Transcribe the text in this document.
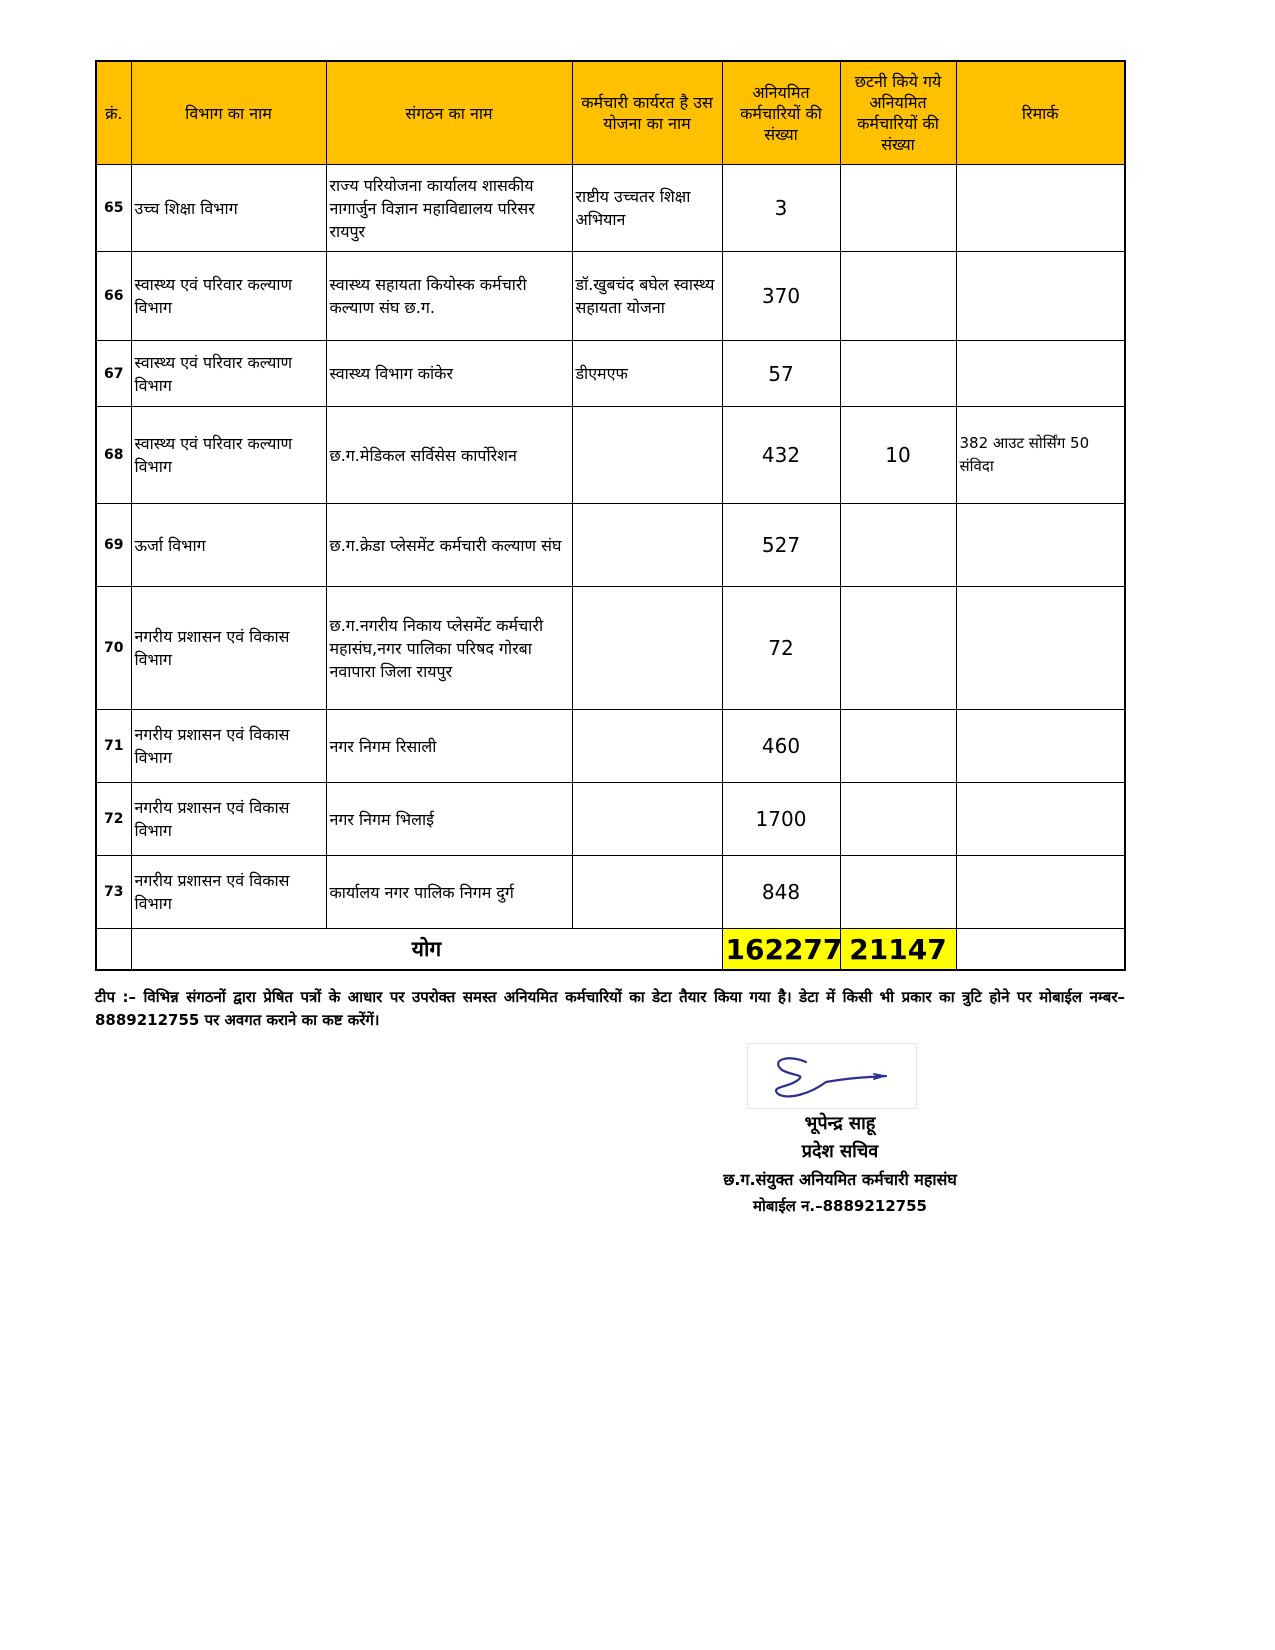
क्रं.	विभाग का नाम	संगठन का नाम	कर्मचारी कार्यरत है उस योजना का नाम	अनियमित कर्मचारियों की संख्या	छटनी किये गये अनियमित कर्मचारियों की संख्या	रिमार्क
65	उच्च शिक्षा विभाग	राज्य परियोजना कार्यालय शासकीय नागार्जुन विज्ञान महाविद्यालय परिसर रायपुर	राष्टीय उच्चतर शिक्षा अभियान	3		
66	स्वास्थ्य एवं परिवार कल्याण विभाग	स्वास्थ्य सहायता कियोस्क कर्मचारी कल्याण संघ छ.ग.	डॉ.खुबचंद बघेल स्वास्थ्य सहायता योजना	370		
67	स्वास्थ्य एवं परिवार कल्याण विभाग	स्वास्थ्य विभाग कांकेर	डीएमएफ	57		
68	स्वास्थ्य एवं परिवार कल्याण विभाग	छ.ग.मेडिकल सर्विसेस कार्पोरेशन		432	10	382 आउट सोर्सिंग 50 संविदा
69	ऊर्जा विभाग	छ.ग.क्रेडा प्लेसमेंट कर्मचारी कल्याण संघ		527		
70	नगरीय प्रशासन एवं विकास विभाग	छ.ग.नगरीय निकाय प्लेसमेंट कर्मचारी महासंघ,नगर पालिका परिषद गोरबा नवापारा जिला रायपुर		72		
71	नगरीय प्रशासन एवं विकास विभाग	नगर निगम रिसाली		460		
72	नगरीय प्रशासन एवं विकास विभाग	नगर निगम भिलाई		1700		
73	नगरीय प्रशासन एवं विकास विभाग	कार्यालय नगर पालिक निगम दुर्ग		848		
	योग			162277	21147	
टीप :– विभिन्न संगठनों द्वारा प्रेषित पत्रों के आधार पर उपरोक्त समस्त अनियमित कर्मचारियों का डेटा तैयार किया गया है। डेटा में किसी भी प्रकार का त्रुटि होने पर मोबाईल नम्बर–8889212755 पर अवगत कराने का कष्ट करेंगें।
भूपेन्द्र साहू
प्रदेश सचिव
छ.ग.संयुक्त अनियमित कर्मचारी महासंघ
मोबाईल न.–8889212755
